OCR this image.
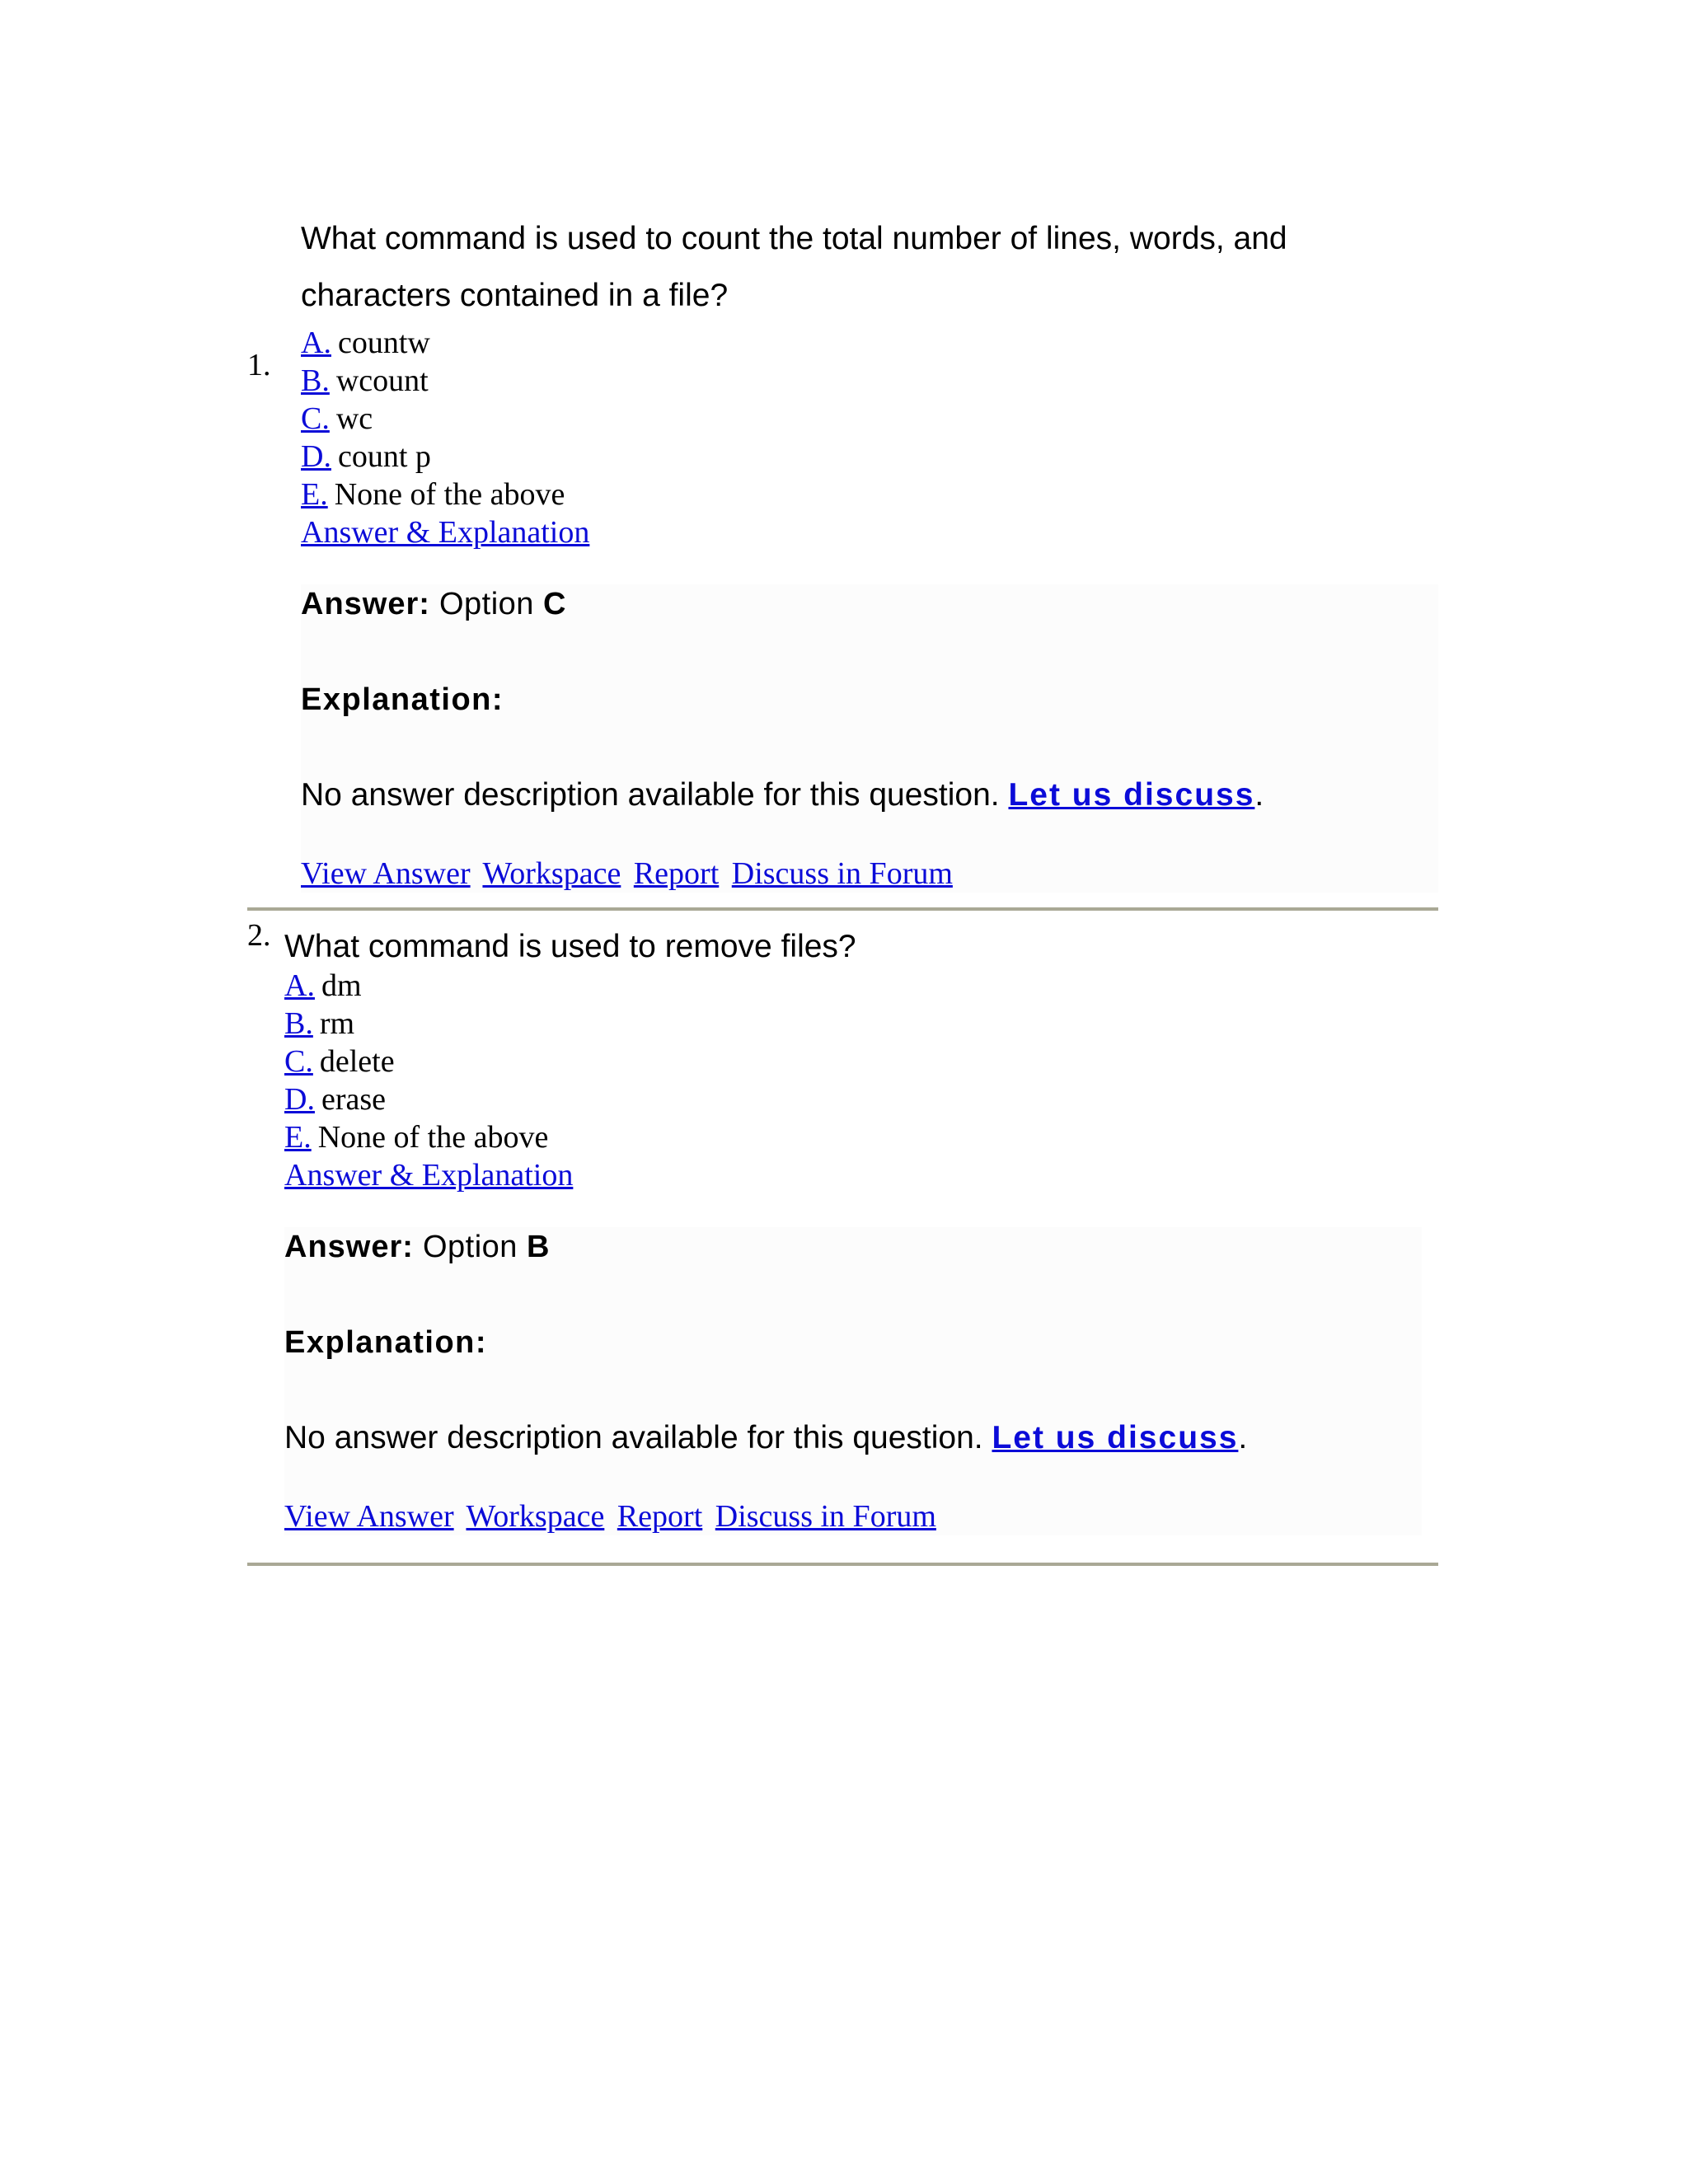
1.

What command is used to count the total number of lines, words, and characters contained in a file?

A. countw
B. wcount
C. wc
D. count p
E. None of the above
Answer & Explanation

Answer: Option C

Explanation:

No answer description available for this question. Let us discuss.

View Answer Workspace Report Discuss in Forum
2. What command is used to remove files?

A. dm
B. rm
C. delete
D. erase
E. None of the above
Answer & Explanation

Answer: Option B

Explanation:

No answer description available for this question. Let us discuss.

View Answer Workspace Report Discuss in Forum
